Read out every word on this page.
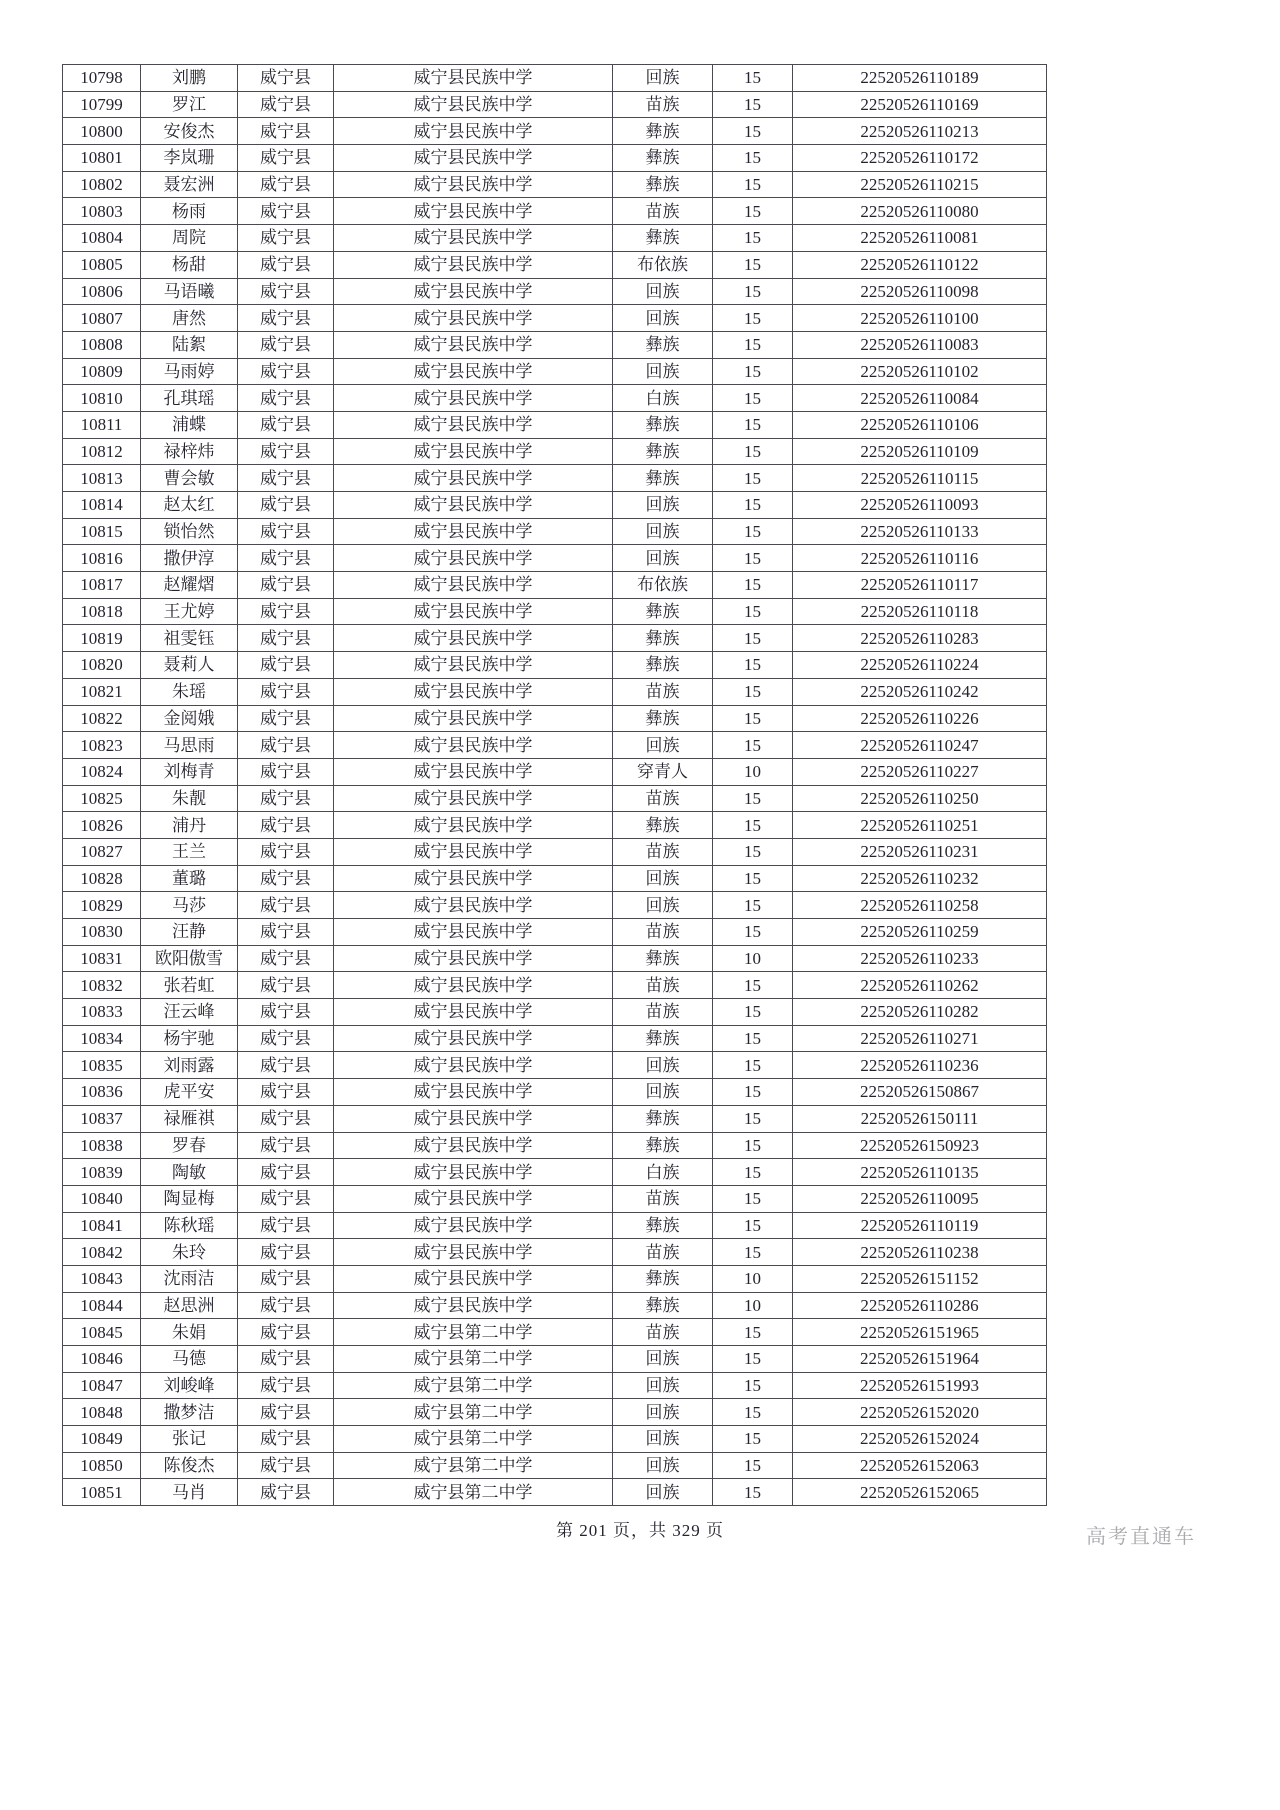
10798	刘鹏	威宁县	威宁县民族中学	回族	15	22520526110189
10799	罗江	威宁县	威宁县民族中学	苗族	15	22520526110169
10800	安俊杰	威宁县	威宁县民族中学	彝族	15	22520526110213
10801	李岚珊	威宁县	威宁县民族中学	彝族	15	22520526110172
10802	聂宏洲	威宁县	威宁县民族中学	彝族	15	22520526110215
10803	杨雨	威宁县	威宁县民族中学	苗族	15	22520526110080
10804	周院	威宁县	威宁县民族中学	彝族	15	22520526110081
10805	杨甜	威宁县	威宁县民族中学	布依族	15	22520526110122
10806	马语曦	威宁县	威宁县民族中学	回族	15	22520526110098
10807	唐然	威宁县	威宁县民族中学	回族	15	22520526110100
10808	陆絮	威宁县	威宁县民族中学	彝族	15	22520526110083
10809	马雨婷	威宁县	威宁县民族中学	回族	15	22520526110102
10810	孔琪瑶	威宁县	威宁县民族中学	白族	15	22520526110084
10811	浦蝶	威宁县	威宁县民族中学	彝族	15	22520526110106
10812	禄梓炜	威宁县	威宁县民族中学	彝族	15	22520526110109
10813	曹会敏	威宁县	威宁县民族中学	彝族	15	22520526110115
10814	赵太红	威宁县	威宁县民族中学	回族	15	22520526110093
10815	锁怡然	威宁县	威宁县民族中学	回族	15	22520526110133
10816	撒伊淳	威宁县	威宁县民族中学	回族	15	22520526110116
10817	赵耀熠	威宁县	威宁县民族中学	布依族	15	22520526110117
10818	王尤婷	威宁县	威宁县民族中学	彝族	15	22520526110118
10819	祖雯钰	威宁县	威宁县民族中学	彝族	15	22520526110283
10820	聂莉人	威宁县	威宁县民族中学	彝族	15	22520526110224
10821	朱瑶	威宁县	威宁县民族中学	苗族	15	22520526110242
10822	金阅娥	威宁县	威宁县民族中学	彝族	15	22520526110226
10823	马思雨	威宁县	威宁县民族中学	回族	15	22520526110247
10824	刘梅青	威宁县	威宁县民族中学	穿青人	10	22520526110227
10825	朱靓	威宁县	威宁县民族中学	苗族	15	22520526110250
10826	浦丹	威宁县	威宁县民族中学	彝族	15	22520526110251
10827	王兰	威宁县	威宁县民族中学	苗族	15	22520526110231
10828	董璐	威宁县	威宁县民族中学	回族	15	22520526110232
10829	马莎	威宁县	威宁县民族中学	回族	15	22520526110258
10830	汪静	威宁县	威宁县民族中学	苗族	15	22520526110259
10831	欧阳傲雪	威宁县	威宁县民族中学	彝族	10	22520526110233
10832	张若虹	威宁县	威宁县民族中学	苗族	15	22520526110262
10833	汪云峰	威宁县	威宁县民族中学	苗族	15	22520526110282
10834	杨宇驰	威宁县	威宁县民族中学	彝族	15	22520526110271
10835	刘雨露	威宁县	威宁县民族中学	回族	15	22520526110236
10836	虎平安	威宁县	威宁县民族中学	回族	15	22520526150867
10837	禄雁祺	威宁县	威宁县民族中学	彝族	15	22520526150111
10838	罗春	威宁县	威宁县民族中学	彝族	15	22520526150923
10839	陶敏	威宁县	威宁县民族中学	白族	15	22520526110135
10840	陶显梅	威宁县	威宁县民族中学	苗族	15	22520526110095
10841	陈秋瑶	威宁县	威宁县民族中学	彝族	15	22520526110119
10842	朱玲	威宁县	威宁县民族中学	苗族	15	22520526110238
10843	沈雨洁	威宁县	威宁县民族中学	彝族	10	22520526151152
10844	赵思洲	威宁县	威宁县民族中学	彝族	10	22520526110286
10845	朱娟	威宁县	威宁县第二中学	苗族	15	22520526151965
10846	马德	威宁县	威宁县第二中学	回族	15	22520526151964
10847	刘峻峰	威宁县	威宁县第二中学	回族	15	22520526151993
10848	撒梦洁	威宁县	威宁县第二中学	回族	15	22520526152020
10849	张记	威宁县	威宁县第二中学	回族	15	22520526152024
10850	陈俊杰	威宁县	威宁县第二中学	回族	15	22520526152063
10851	马肖	威宁县	威宁县第二中学	回族	15	22520526152065
第 201 页，共 329 页	高考直通车
